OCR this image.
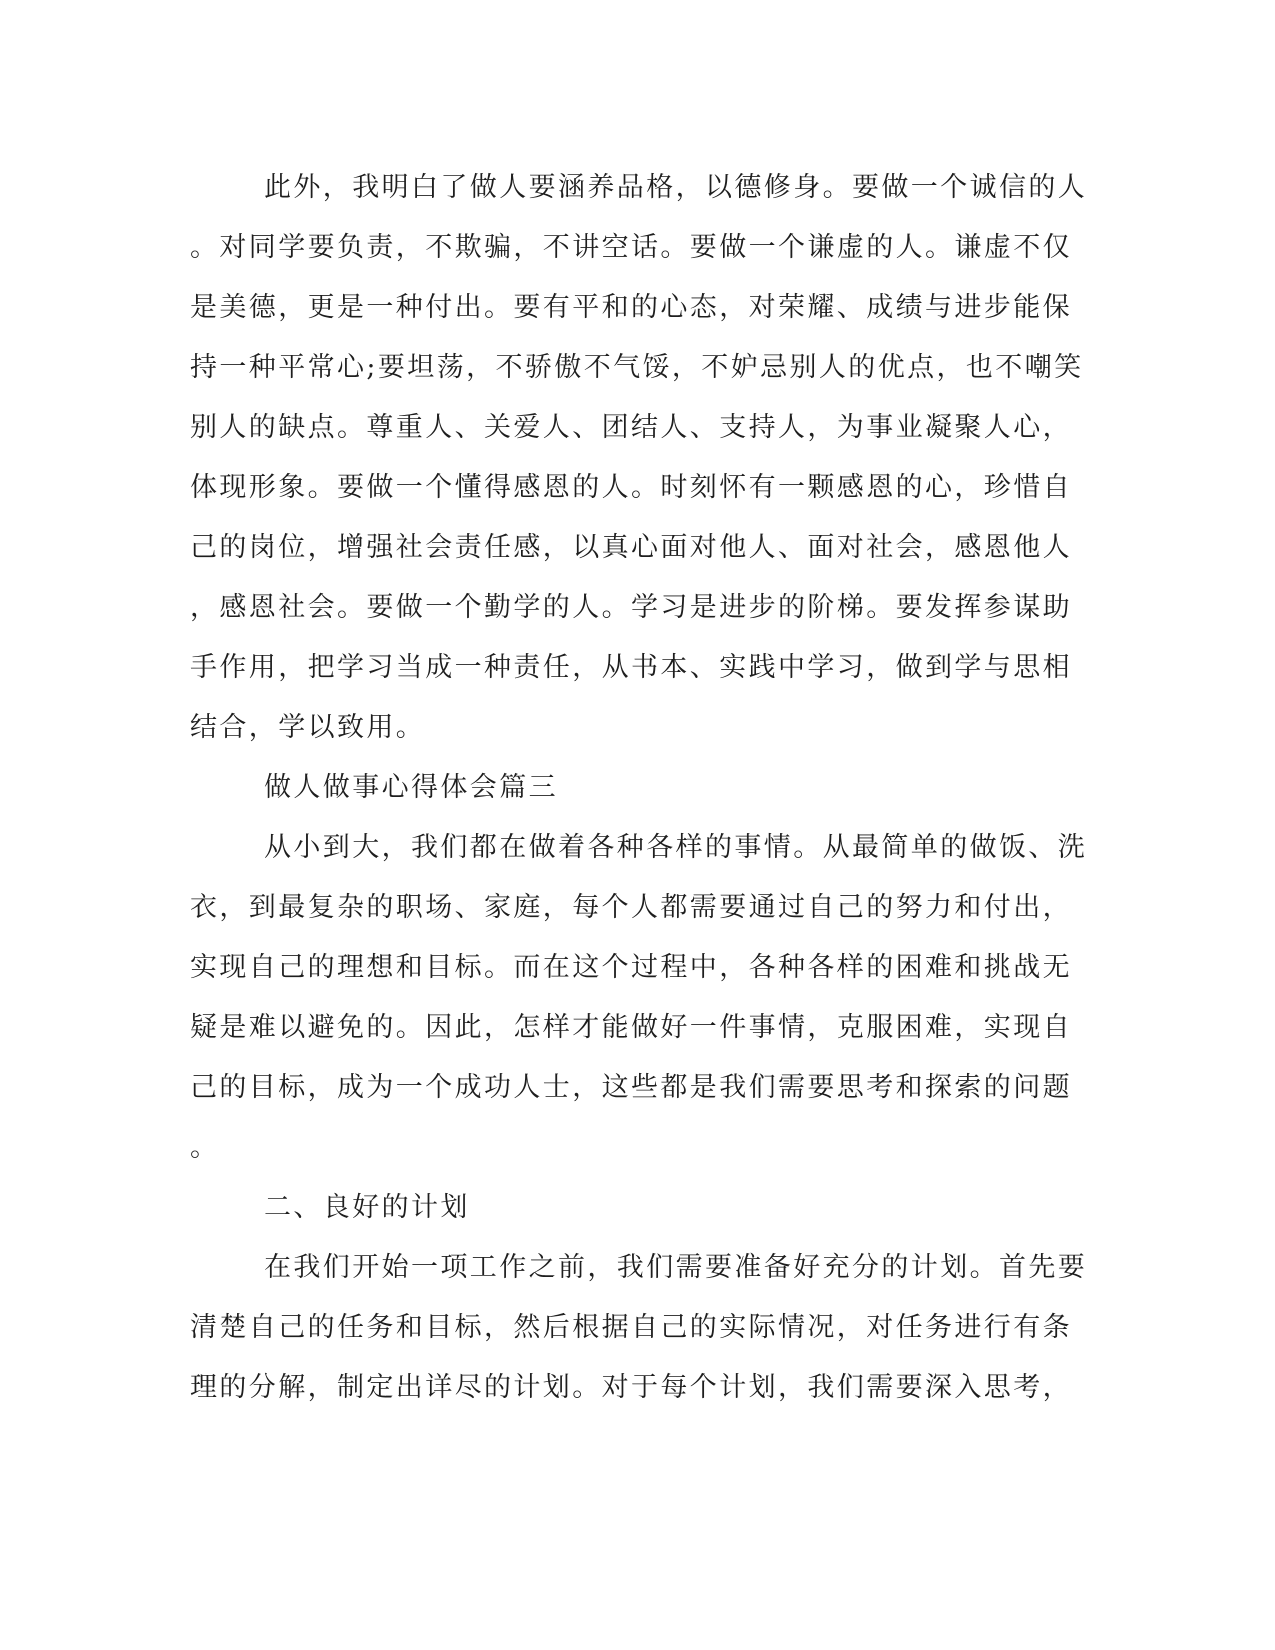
此外，我明白了做人要涵养品格，以德修身。要做一个诚信的人
。对同学要负责，不欺骗，不讲空话。要做一个谦虚的人。谦虚不仅
是美德，更是一种付出。要有平和的心态，对荣耀、成绩与进步能保
持一种平常心;要坦荡，不骄傲不气馁，不妒忌别人的优点，也不嘲笑
别人的缺点。尊重人、关爱人、团结人、支持人，为事业凝聚人心，
体现形象。要做一个懂得感恩的人。时刻怀有一颗感恩的心，珍惜自
己的岗位，增强社会责任感，以真心面对他人、面对社会，感恩他人
，感恩社会。要做一个勤学的人。学习是进步的阶梯。要发挥参谋助
手作用，把学习当成一种责任，从书本、实践中学习，做到学与思相
结合，学以致用。
做人做事心得体会篇三
从小到大，我们都在做着各种各样的事情。从最简单的做饭、洗
衣，到最复杂的职场、家庭，每个人都需要通过自己的努力和付出，
实现自己的理想和目标。而在这个过程中，各种各样的困难和挑战无
疑是难以避免的。因此，怎样才能做好一件事情，克服困难，实现自
己的目标，成为一个成功人士，这些都是我们需要思考和探索的问题
。
二、良好的计划
在我们开始一项工作之前，我们需要准备好充分的计划。首先要
清楚自己的任务和目标，然后根据自己的实际情况，对任务进行有条
理的分解，制定出详尽的计划。对于每个计划，我们需要深入思考，
